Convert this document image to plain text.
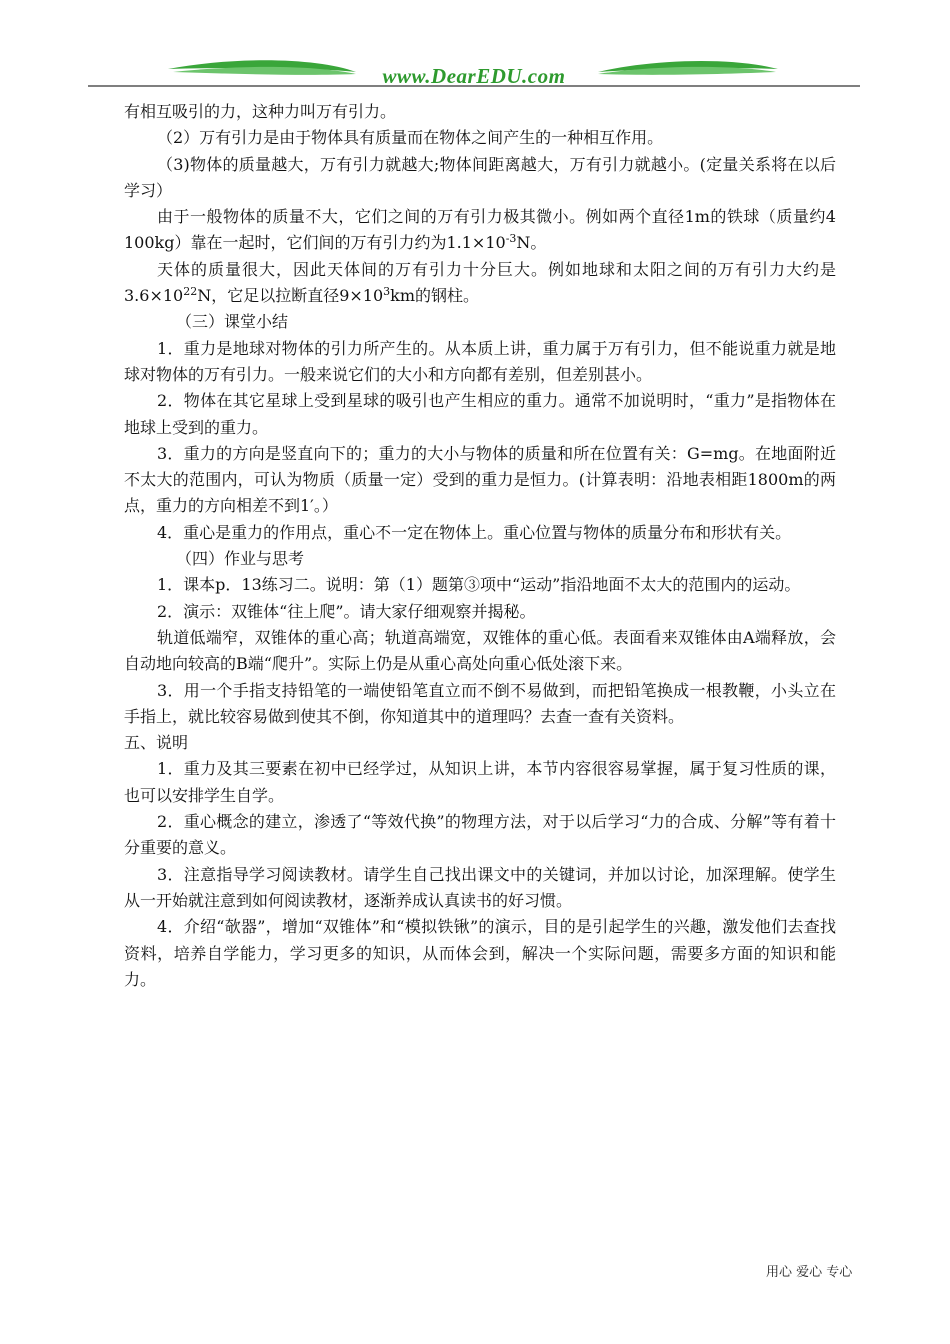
www.DearEDU.com

有相互吸引的力，这种力叫万有引力。

（2）万有引力是由于物体具有质量而在物体之间产生的一种相互作用。

（3)物体的质量越大，万有引力就越大;物体间距离越大，万有引力就越小。(定量关系将在以后学习）

由于一般物体的质量不大，它们之间的万有引力极其微小。例如两个直径1m的铁球（质量约4 100kg）靠在一起时，它们间的万有引力约为$1.1\times 10^{-3}N$。

天体的质量很大，因此天体间的万有引力十分巨大。例如地球和太阳之间的万有引力大约是$3.6\times 10^{22}N$，它足以拉断直径$9\times 10^3km$的钢柱。

（三）课堂小结

1．重力是地球对物体的引力所产生的。从本质上讲，重力属于万有引力，但不能说重力就是地球对物体的万有引力。一般来说它们的大小和方向都有差别，但差别甚小。

2．物体在其它星球上受到星球的吸引也产生相应的重力。通常不加说明时，“重力”是指物体在地球上受到的重力。

3．重力的方向是竖直向下的；重力的大小与物体的质量和所在位置有关：G=mg。在地面附近不太大的范围内，可认为物质（质量一定）受到的重力是恒力。(计算表明：沿地表相距1800m的两点，重力的方向相差不到1′。）

4．重心是重力的作用点，重心不一定在物体上。重心位置与物体的质量分布和形状有关。

（四）作业与思考

1．课本p．13练习二。说明：第（1）题第③项中“运动”指沿地面不太大的范围内的运动。

2．演示：双锥体“往上爬”。请大家仔细观察并揭秘。

轨道低端窄，双锥体的重心高；轨道高端宽，双锥体的重心低。表面看来双锥体由A端释放，会自动地向较高的B端“爬升”。实际上仍是从重心高处向重心低处滚下来。

3．用一个手指支持铅笔的一端使铅笔直立而不倒不易做到，而把铅笔换成一根教鞭，小头立在手指上，就比较容易做到使其不倒，你知道其中的道理吗？去查一查有关资料。

五、说明

1．重力及其三要素在初中已经学过，从知识上讲，本节内容很容易掌握，属于复习性质的课，也可以安排学生自学。

2．重心概念的建立，渗透了“等效代换”的物理方法，对于以后学习“力的合成、分解”等有着十分重要的意义。

3．注意指导学习阅读教材。请学生自己找出课文中的关键词，并加以讨论，加深理解。使学生从一开始就注意到如何阅读教材，逐渐养成认真读书的好习惯。

4．介绍“欹器”，增加“双锥体”和“模拟铁锹”的演示，目的是引起学生的兴趣，激发他们去查找资料，培养自学能力，学习更多的知识，从而体会到，解决一个实际问题，需要多方面的知识和能力。

用心 爱心 专心
